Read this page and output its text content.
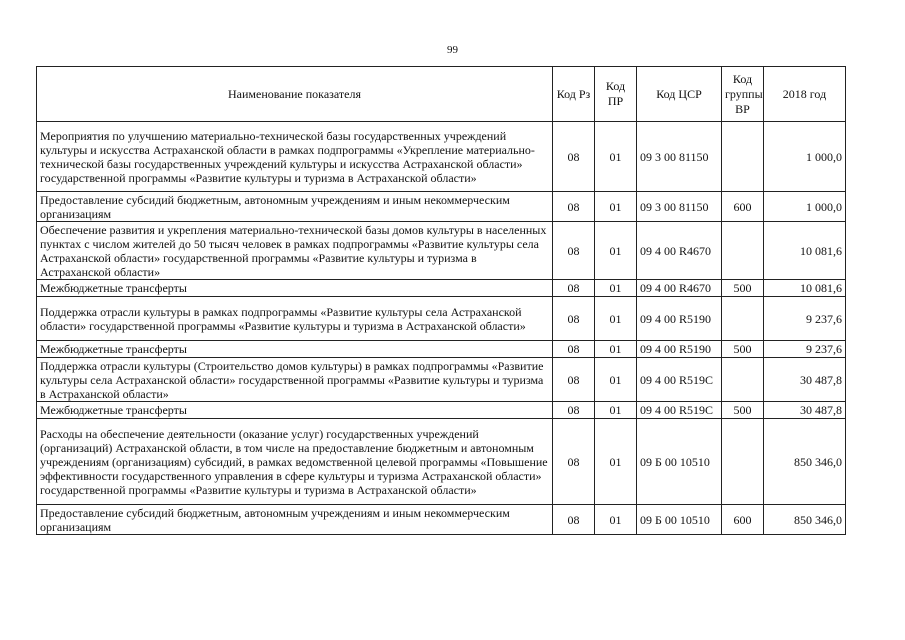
99
Наименование показателя	Код Рз	Код ПР	Код ЦСР	Код группы ВР	2018 год
Мероприятия по улучшению материально-технической базы государственных учреждений культуры и искусства Астраханской области в рамках подпрограммы «Укрепление материально-технической базы государственных учреждений культуры и искусства Астраханской области» государственной программы «Развитие культуры и туризма в Астраханской области»	08	01	09 3 00 81150		1 000,0
Предоставление субсидий бюджетным, автономным учреждениям и иным некоммерческим организациям	08	01	09 3 00 81150	600	1 000,0
Обеспечение развития и укрепления материально-технической базы домов культуры в населенных пунктах с числом жителей до 50 тысяч человек в рамках подпрограммы «Развитие культуры села Астраханской области» государственной программы «Развитие культуры и туризма в Астраханской области»	08	01	09 4 00 R4670		10 081,6
Межбюджетные трансферты	08	01	09 4 00 R4670	500	10 081,6
Поддержка отрасли культуры в рамках подпрограммы «Развитие культуры села Астраханской области» государственной программы «Развитие культуры и туризма в Астраханской области»	08	01	09 4 00 R5190		9 237,6
Межбюджетные трансферты	08	01	09 4 00 R5190	500	9 237,6
Поддержка отрасли культуры (Строительство домов культуры) в рамках подпрограммы «Развитие культуры села Астраханской области» государственной программы «Развитие культуры и туризма в Астраханской области»	08	01	09 4 00 R519C		30 487,8
Межбюджетные трансферты	08	01	09 4 00 R519C	500	30 487,8
Расходы на обеспечение деятельности (оказание услуг) государственных учреждений (организаций) Астраханской области, в том числе на предоставление бюджетным и автономным учреждениям (организациям) субсидий, в рамках ведомственной целевой программы «Повышение эффективности государственного управления в сфере культуры и туризма Астраханской области» государственной программы «Развитие культуры и туризма в Астраханской области»	08	01	09 Б 00 10510		850 346,0
Предоставление субсидий бюджетным, автономным учреждениям и иным некоммерческим организациям	08	01	09 Б 00 10510	600	850 346,0
